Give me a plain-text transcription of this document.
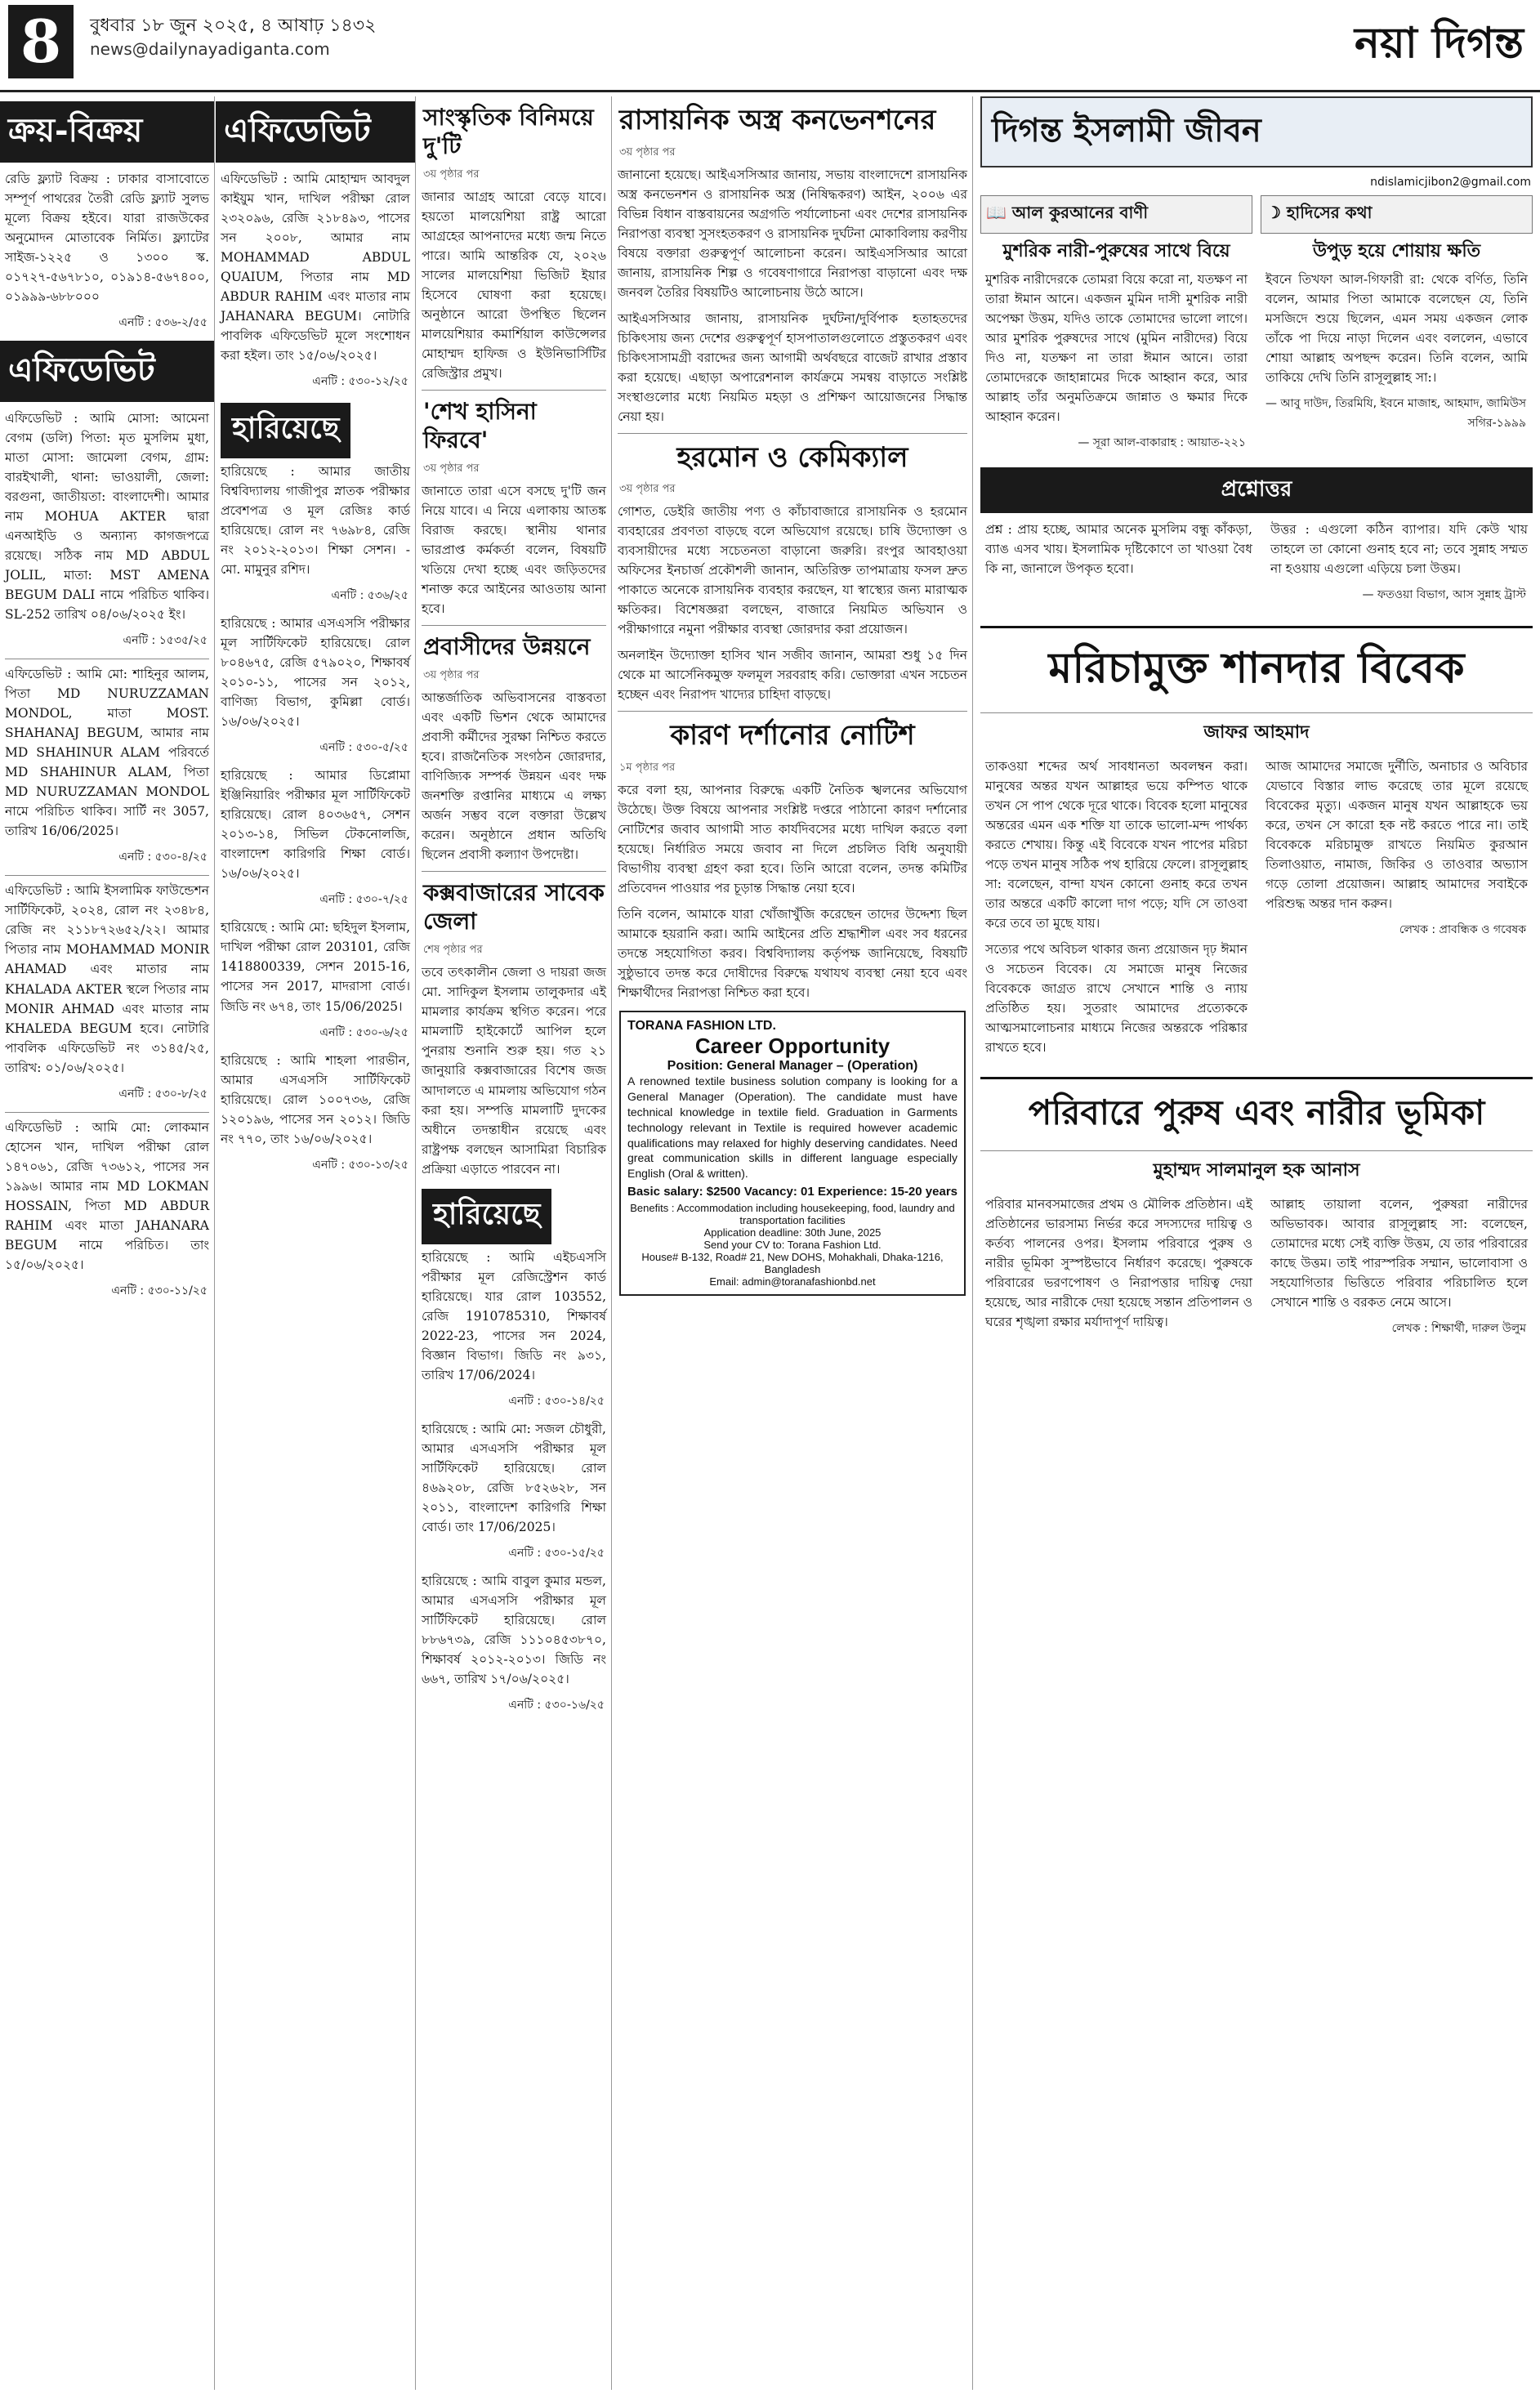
8	বুধবার ১৮ জুন ২০২৫, ৪ আষাঢ় ১৪৩২
news@dailynayadiganta.com	নয়া দিগন্ত
ক্রয়-বিক্রয়
রেডি ফ্ল্যাট বিক্রয় : ঢাকার বাসাবোতে সম্পূর্ণ পাথরের তৈরী রেডি ফ্ল্যাট সুলভ মূল্যে বিক্রয় হইবে। যারা রাজউকের অনুমোদন মোতাবেক নির্মিত। ফ্ল্যাটের সাইজ-১২২৫ ও ১৩০০ স্ক. ০১৭২৭-৫৬৭৮১০, ০১৯১৪-৫৬৭৪০০, ০১৯৯৯-৬৮৮০০০
এনটি : ৫৩৬-২/৫৫
এফিডেভিট
এফিডেভিট : আমি মোসা: আমেনা বেগম (ডলি) পিতা: মৃত মুসলিম মুধা, মাতা মোসা: জামেলা বেগম, গ্রাম: বারইখালী, থানা: ভাওয়ালী, জেলা: বরগুনা, জাতীয়তা: বাংলাদেশী। আমার নাম MOHUA AKTER দ্বারা এনআইডি ও অন্যান্য কাগজপত্রে রয়েছে। সঠিক নাম MD ABDUL JOLIL, মাতা: MST AMENA BEGUM DALI নামে পরিচিত থাকিব। SL-252 তারিখ ০৪/০৬/২০২৫ ইং।
এনটি : ১৫৩৫/২৫
এফিডেভিট : আমি মো: শাহিনুর আলম, পিতা MD NURUZZAMAN MONDOL, মাতা MOST. SHAHANAJ BEGUM, আমার নাম MD SHAHINUR ALAM পরিবর্তে MD SHAHINUR ALAM, পিতা MD NURUZZAMAN MONDOL নামে পরিচিত থাকিব। সার্টি নং 3057, তারিখ 16/06/2025।
এনটি : ৫৩০-৪/২৫
এফিডেভিট : আমি ইসলামিক ফাউন্ডেশন সার্টিফিকেট, ২০২৪, রোল নং ২৩৪৮৪, রেজি নং ২১১৮৭২৬৫২/২২। আমার পিতার নাম MOHAMMAD MONIR AHAMAD এবং মাতার নাম KHALADA AKTER স্থলে পিতার নাম MONIR AHMAD এবং মাতার নাম KHALEDA BEGUM হবে। নোটারি পাবলিক এফিডেভিট নং ৩১৪৫/২৫, তারিখ: ০১/০৬/২০২৫।
এনটি : ৫৩০-৮/২৫
এফিডেভিট : আমি মো: লোকমান হোসেন খান, দাখিল পরীক্ষা রোল ১৪৭০৬১, রেজি ৭৩৬১২, পাসের সন ১৯৯৬। আমার নাম MD LOKMAN HOSSAIN, পিতা MD ABDUR RAHIM এবং মাতা JAHANARA BEGUM নামে পরিচিত। তাং ১৫/০৬/২০২৫।
এনটি : ৫৩০-১১/২৫
এফিডেভিট
এফিডেভিট : আমি মোহাম্মদ আবদুল কাইয়ুম খান, দাখিল পরীক্ষা রোল ২৩২০৯৬, রেজি ২১৮৪৯৩, পাসের সন ২০০৮, আমার নাম MOHAMMAD ABDUL QUAIUM, পিতার নাম MD ABDUR RAHIM এবং মাতার নাম JAHANARA BEGUM। নোটারি পাবলিক এফিডেভিট মূলে সংশোধন করা হইল। তাং ১৫/০৬/২০২৫।
এনটি : ৫৩০-১২/২৫
হারিয়েছে
হারিয়েছে : আমার জাতীয় বিশ্ববিদ্যালয় গাজীপুর স্নাতক পরীক্ষার প্রবেশপত্র ও মূল রেজিঃ কার্ড হারিয়েছে। রোল নং ৭৬৯৮৪, রেজি নং ২০১২-২০১৩। শিক্ষা সেশন। - মো. মামুনুর রশিদ।
এনটি : ৫৩৬/২৫
হারিয়েছে : আমার এসএসসি পরীক্ষার মূল সার্টিফিকেট হারিয়েছে। রোল ৮০৪৬৭৫, রেজি ৫৭৯০২০, শিক্ষাবর্ষ ২০১০-১১, পাসের সন ২০১২, বাণিজ্য বিভাগ, কুমিল্লা বোর্ড। ১৬/০৬/২০২৫।
এনটি : ৫৩০-৫/২৫
হারিয়েছে : আমার ডিপ্লোমা ইঞ্জিনিয়ারিং পরীক্ষার মূল সার্টিফিকেট হারিয়েছে। রোল ৪০৩৬৫৭, সেশন ২০১৩-১৪, সিভিল টেকনোলজি, বাংলাদেশ কারিগরি শিক্ষা বোর্ড। ১৬/০৬/২০২৫।
এনটি : ৫৩০-৭/২৫
হারিয়েছে : আমি মো: ছহিদুল ইসলাম, দাখিল পরীক্ষা রোল 203101, রেজি 1418800339, সেশন 2015-16, পাসের সন 2017, মাদরাসা বোর্ড। জিডি নং ৬৭৪, তাং 15/06/2025।
এনটি : ৫৩০-৬/২৫
হারিয়েছে : আমি শাহলা পারভীন, আমার এসএসসি সার্টিফিকেট হারিয়েছে। রোল ১০০৭৩৬, রেজি ১২০১৯৬, পাসের সন ২০১২। জিডি নং ৭৭০, তাং ১৬/০৬/২০২৫।
এনটি : ৫৩০-১৩/২৫
সাংস্কৃতিক বিনিময়ে দু'টি
৩য় পৃষ্ঠার পর
জানার আগ্রহ আরো বেড়ে যাবে। হয়তো মালয়েশিয়া রাষ্ট্র আরো আগ্রহের আপনাদের মধ্যে জন্ম নিতে পারে। আমি আন্তরিক যে, ২০২৬ সালের মালয়েশিয়া ভিজিট ইয়ার হিসেবে ঘোষণা করা হয়েছে। অনুষ্ঠানে আরো উপস্থিত ছিলেন মালয়েশিয়ার কমার্শিয়াল কাউন্সেলর মোহাম্মদ হাফিজ ও ইউনিভার্সিটির রেজিস্ট্রার প্রমুখ।
'শেখ হাসিনা ফিরবে'
৩য় পৃষ্ঠার পর
জানাতে তারা এসে বসছে দু'টি জন নিয়ে যাবে। এ নিয়ে এলাকায় আতঙ্ক বিরাজ করছে। স্থানীয় থানার ভারপ্রাপ্ত কর্মকর্তা বলেন, বিষয়টি খতিয়ে দেখা হচ্ছে এবং জড়িতদের শনাক্ত করে আইনের আওতায় আনা হবে।
প্রবাসীদের উন্নয়নে
৩য় পৃষ্ঠার পর
আন্তর্জাতিক অভিবাসনের বাস্তবতা এবং একটি ভিশন থেকে আমাদের প্রবাসী কর্মীদের সুরক্ষা নিশ্চিত করতে হবে। রাজনৈতিক সংগঠন জোরদার, বাণিজ্যিক সম্পর্ক উন্নয়ন এবং দক্ষ জনশক্তি রপ্তানির মাধ্যমে এ লক্ষ্য অর্জন সম্ভব বলে বক্তারা উল্লেখ করেন। অনুষ্ঠানে প্রধান অতিথি ছিলেন প্রবাসী কল্যাণ উপদেষ্টা।
কক্সবাজারের সাবেক জেলা
শেষ পৃষ্ঠার পর
তবে তৎকালীন জেলা ও দায়রা জজ মো. সাদিকুল ইসলাম তালুকদার এই মামলার কার্যক্রম স্থগিত করেন। পরে মামলাটি হাইকোর্টে আপিল হলে পুনরায় শুনানি শুরু হয়। গত ২১ জানুয়ারি কক্সবাজারের বিশেষ জজ আদালতে এ মামলায় অভিযোগ গঠন করা হয়। সম্পত্তি মামলাটি দুদকের অধীনে তদন্তাধীন রয়েছে এবং রাষ্ট্রপক্ষ বলছেন আসামিরা বিচারিক প্রক্রিয়া এড়াতে পারবেন না।
হারিয়েছে
হারিয়েছে : আমি এইচএসসি পরীক্ষার মূল রেজিস্ট্রেশন কার্ড হারিয়েছে। যার রোল 103552, রেজি 1910785310, শিক্ষাবর্ষ 2022-23, পাসের সন 2024, বিজ্ঞান বিভাগ। জিডি নং ৯৩১, তারিখ 17/06/2024।
এনটি : ৫৩০-১৪/২৫
হারিয়েছে : আমি মো: সজল চৌধুরী, আমার এসএসসি পরীক্ষার মূল সার্টিফিকেট হারিয়েছে। রোল ৪৬৯২০৮, রেজি ৮৫২৬২৮, সন ২০১১, বাংলাদেশ কারিগরি শিক্ষা বোর্ড। তাং 17/06/2025।
এনটি : ৫৩০-১৫/২৫
হারিয়েছে : আমি বাবুল কুমার মন্ডল, আমার এসএসসি পরীক্ষার মূল সার্টিফিকেট হারিয়েছে। রোল ৮৮৬৭৩৯, রেজি ১১১০৪৫৩৮৭০, শিক্ষাবর্ষ ২০১২-২০১৩। জিডি নং ৬৬৭, তারিখ ১৭/০৬/২০২৫।
এনটি : ৫৩০-১৬/২৫
রাসায়নিক অস্ত্র কনভেনশনের
৩য় পৃষ্ঠার পর
জানানো হয়েছে। আইএসসিআর জানায়, সভায় বাংলাদেশে রাসায়নিক অস্ত্র কনভেনশন ও রাসায়নিক অস্ত্র (নিষিদ্ধকরণ) আইন, ২০০৬ এর বিভিন্ন বিধান বাস্তবায়নের অগ্রগতি পর্যালোচনা এবং দেশের রাসায়নিক নিরাপত্তা ব্যবস্থা সুসংহতকরণ ও রাসায়নিক দুর্ঘটনা মোকাবিলায় করণীয় বিষয়ে বক্তারা গুরুত্বপূর্ণ আলোচনা করেন। আইএসসিআর আরো জানায়, রাসায়নিক শিল্প ও গবেষণাগারে নিরাপত্তা বাড়ানো এবং দক্ষ জনবল তৈরির বিষয়টিও আলোচনায় উঠে আসে।
আইএসসিআর জানায়, রাসায়নিক দুর্ঘটনা/দুর্বিপাক হতাহতদের চিকিৎসায় জন্য দেশের গুরুত্বপূর্ণ হাসপাতালগুলোতে প্রস্তুতকরণ এবং চিকিৎসাসামগ্রী বরাদ্দের জন্য আগামী অর্থবছরে বাজেট রাখার প্রস্তাব করা হয়েছে। এছাড়া অপারেশনাল কার্যক্রমে সমন্বয় বাড়াতে সংশ্লিষ্ট সংস্থাগুলোর মধ্যে নিয়মিত মহড়া ও প্রশিক্ষণ আয়োজনের সিদ্ধান্ত নেয়া হয়।
হরমোন ও কেমিক্যাল
৩য় পৃষ্ঠার পর
গোশত, ডেইরি জাতীয় পণ্য ও কাঁচাবাজারে রাসায়নিক ও হরমোন ব্যবহারের প্রবণতা বাড়ছে বলে অভিযোগ রয়েছে। চাষি উদ্যোক্তা ও ব্যবসায়ীদের মধ্যে সচেতনতা বাড়ানো জরুরি। রংপুর আবহাওয়া অফিসের ইনচার্জ প্রকৌশলী জানান, অতিরিক্ত তাপমাত্রায় ফসল দ্রুত পাকাতে অনেকে রাসায়নিক ব্যবহার করছেন, যা স্বাস্থ্যের জন্য মারাত্মক ক্ষতিকর। বিশেষজ্ঞরা বলছেন, বাজারে নিয়মিত অভিযান ও পরীক্ষাগারে নমুনা পরীক্ষার ব্যবস্থা জোরদার করা প্রয়োজন।
অনলাইন উদ্যোক্তা হাসিব খান সজীব জানান, আমরা শুধু ১৫ দিন থেকে মা আর্সেনিকমুক্ত ফলমূল সরবরাহ করি। ভোক্তারা এখন সচেতন হচ্ছেন এবং নিরাপদ খাদ্যের চাহিদা বাড়ছে।
কারণ দর্শানোর নোটিশ
১ম পৃষ্ঠার পর
করে বলা হয়, আপনার বিরুদ্ধে একটি নৈতিক স্খলনের অভিযোগ উঠেছে। উক্ত বিষয়ে আপনার সংশ্লিষ্ট দপ্তরে পাঠানো কারণ দর্শানোর নোটিশের জবাব আগামী সাত কার্যদিবসের মধ্যে দাখিল করতে বলা হয়েছে। নির্ধারিত সময়ে জবাব না দিলে প্রচলিত বিধি অনুযায়ী বিভাগীয় ব্যবস্থা গ্রহণ করা হবে। তিনি আরো বলেন, তদন্ত কমিটির প্রতিবেদন পাওয়ার পর চূড়ান্ত সিদ্ধান্ত নেয়া হবে।
তিনি বলেন, আমাকে যারা খোঁজাখুঁজি করেছেন তাদের উদ্দেশ্য ছিল আমাকে হয়রানি করা। আমি আইনের প্রতি শ্রদ্ধাশীল এবং সব ধরনের তদন্তে সহযোগিতা করব। বিশ্ববিদ্যালয় কর্তৃপক্ষ জানিয়েছে, বিষয়টি সুষ্ঠুভাবে তদন্ত করে দোষীদের বিরুদ্ধে যথাযথ ব্যবস্থা নেয়া হবে এবং শিক্ষার্থীদের নিরাপত্তা নিশ্চিত করা হবে।
TORANA FASHION LTD.
Career Opportunity
Position: General Manager – (Operation)
A renowned textile business solution company is looking for a General Manager (Operation). The candidate must have technical knowledge in textile field. Graduation in Garments technology relevant in Textile is required however academic qualifications may relaxed for highly deserving candidates. Need great communication skills in different language especially English (Oral & written).
Basic salary: $2500 Vacancy: 01 Experience: 15-20 years
Benefits : Accommodation including housekeeping, food, laundry and transportation facilities
Application deadline: 30th June, 2025
Send your CV to: Torana Fashion Ltd.
House# B-132, Road# 21, New DOHS, Mohakhali, Dhaka-1216, Bangladesh
Email: admin@toranafashionbd.net
দিগন্ত ইসলামী জীবন
ndislamicjibon2@gmail.com
📖 আল কুরআনের বাণী
মুশরিক নারী-পুরুষের সাথে বিয়ে
মুশরিক নারীদেরকে তোমরা বিয়ে করো না, যতক্ষণ না তারা ঈমান আনে। একজন মুমিন দাসী মুশরিক নারী অপেক্ষা উত্তম, যদিও তাকে তোমাদের ভালো লাগে। আর মুশরিক পুরুষদের সাথে (মুমিন নারীদের) বিয়ে দিও না, যতক্ষণ না তারা ঈমান আনে। তারা তোমাদেরকে জাহান্নামের দিকে আহ্বান করে, আর আল্লাহ তাঁর অনুমতিক্রমে জান্নাত ও ক্ষমার দিকে আহ্বান করেন।
— সূরা আল-বাকারাহ : আয়াত-২২১
☽ হাদিসের কথা
উপুড় হয়ে শোয়ায় ক্ষতি
ইবনে তিখফা আল-গিফারী রা: থেকে বর্ণিত, তিনি বলেন, আমার পিতা আমাকে বলেছেন যে, তিনি মসজিদে শুয়ে ছিলেন, এমন সময় একজন লোক তাঁকে পা দিয়ে নাড়া দিলেন এবং বললেন, এভাবে শোয়া আল্লাহ অপছন্দ করেন। তিনি বলেন, আমি তাকিয়ে দেখি তিনি রাসূলুল্লাহ সা:।
— আবু দাউদ, তিরমিযি, ইবনে মাজাহ, আহমাদ, জামিউস সগির-১৯৯৯
প্রশ্নোত্তর
প্রশ্ন : প্রায় হচ্ছে, আমার অনেক মুসলিম বন্ধু কাঁকড়া, ব্যাঙ এসব খায়। ইসলামিক দৃষ্টিকোণে তা খাওয়া বৈধ কি না, জানালে উপকৃত হবো।
উত্তর : এগুলো কঠিন ব্যাপার। যদি কেউ খায় তাহলে তা কোনো গুনাহ হবে না; তবে সুন্নাহ সম্মত না হওয়ায় এগুলো এড়িয়ে চলা উত্তম।
— ফতওয়া বিভাগ, আস সুন্নাহ ট্রাস্ট
মরিচামুক্ত শানদার বিবেক
জাফর আহমাদ
তাকওয়া শব্দের অর্থ সাবধানতা অবলম্বন করা। মানুষের অন্তর যখন আল্লাহর ভয়ে কম্পিত থাকে তখন সে পাপ থেকে দূরে থাকে। বিবেক হলো মানুষের অন্তরের এমন এক শক্তি যা তাকে ভালো-মন্দ পার্থক্য করতে শেখায়। কিন্তু এই বিবেকে যখন পাপের মরিচা পড়ে তখন মানুষ সঠিক পথ হারিয়ে ফেলে। রাসূলুল্লাহ সা: বলেছেন, বান্দা যখন কোনো গুনাহ করে তখন তার অন্তরে একটি কালো দাগ পড়ে; যদি সে তাওবা করে তবে তা মুছে যায়।
সত্যের পথে অবিচল থাকার জন্য প্রয়োজন দৃঢ় ঈমান ও সচেতন বিবেক। যে সমাজে মানুষ নিজের বিবেককে জাগ্রত রাখে সেখানে শান্তি ও ন্যায় প্রতিষ্ঠিত হয়। সুতরাং আমাদের প্রত্যেককে আত্মসমালোচনার মাধ্যমে নিজের অন্তরকে পরিষ্কার রাখতে হবে।
আজ আমাদের সমাজে দুর্নীতি, অনাচার ও অবিচার যেভাবে বিস্তার লাভ করেছে তার মূলে রয়েছে বিবেকের মৃত্যু। একজন মানুষ যখন আল্লাহকে ভয় করে, তখন সে কারো হক নষ্ট করতে পারে না। তাই বিবেককে মরিচামুক্ত রাখতে নিয়মিত কুরআন তিলাওয়াত, নামাজ, জিকির ও তাওবার অভ্যাস গড়ে তোলা প্রয়োজন। আল্লাহ আমাদের সবাইকে পরিশুদ্ধ অন্তর দান করুন।
লেখক : প্রাবন্ধিক ও গবেষক
পরিবারে পুরুষ এবং নারীর ভূমিকা
মুহাম্মদ সালমানুল হক আনাস
পরিবার মানবসমাজের প্রথম ও মৌলিক প্রতিষ্ঠান। এই প্রতিষ্ঠানের ভারসাম্য নির্ভর করে সদস্যদের দায়িত্ব ও কর্তব্য পালনের ওপর। ইসলাম পরিবারে পুরুষ ও নারীর ভূমিকা সুস্পষ্টভাবে নির্ধারণ করেছে। পুরুষকে পরিবারের ভরণপোষণ ও নিরাপত্তার দায়িত্ব দেয়া হয়েছে, আর নারীকে দেয়া হয়েছে সন্তান প্রতিপালন ও ঘরের শৃঙ্খলা রক্ষার মর্যাদাপূর্ণ দায়িত্ব।
আল্লাহ তায়ালা বলেন, পুরুষরা নারীদের অভিভাবক। আবার রাসূলুল্লাহ সা: বলেছেন, তোমাদের মধ্যে সেই ব্যক্তি উত্তম, যে তার পরিবারের কাছে উত্তম। তাই পারস্পরিক সম্মান, ভালোবাসা ও সহযোগিতার ভিত্তিতে পরিবার পরিচালিত হলে সেখানে শান্তি ও বরকত নেমে আসে।
লেখক : শিক্ষার্থী, দারুল উলুম
